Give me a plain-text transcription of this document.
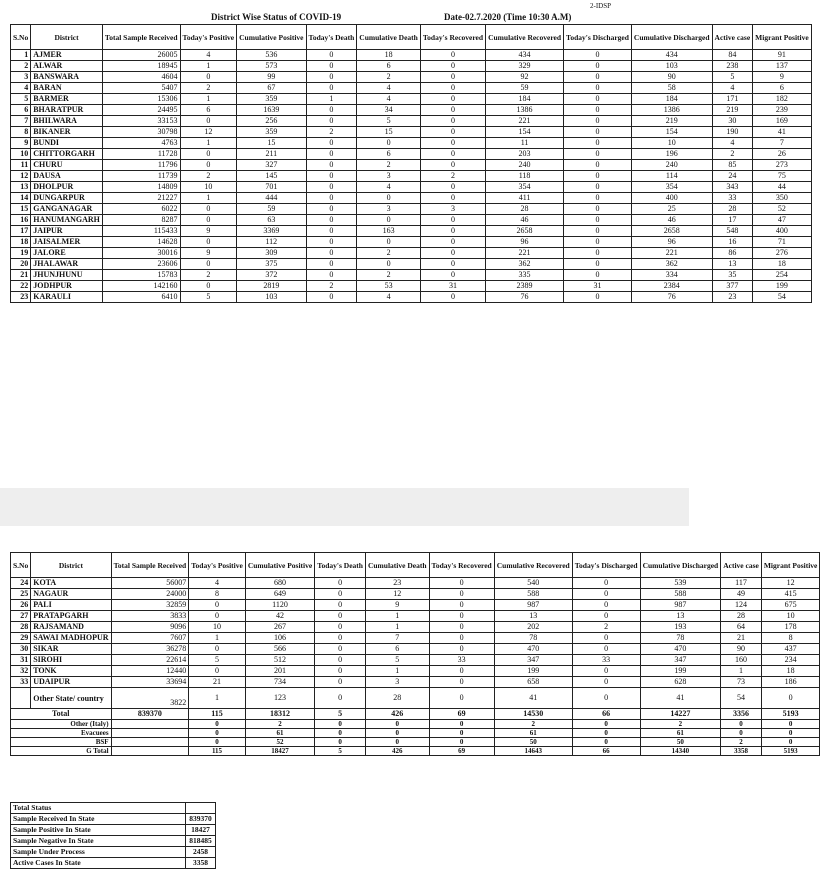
2-IDSP
District Wise Status of COVID-19	Date-02.7.2020 (Time 10:30 A.M)
S.No	District	Total Sample Received	Today's Positive	Cumulative Positive	Today's Death	Cumulative Death	Today's Recovered	Cumulative Recovered	Today's Discharged	Cumulative Discharged	Active case	Migrant Positive
1	AJMER	26005	4	536	0	18	0	434	0	434	84	91
2	ALWAR	18945	1	573	0	6	0	329	0	103	238	137
3	BANSWARA	4604	0	99	0	2	0	92	0	90	5	9
4	BARAN	5407	2	67	0	4	0	59	0	58	4	6
5	BARMER	15306	1	359	1	4	0	184	0	184	171	182
6	BHARATPUR	24495	6	1639	0	34	0	1386	0	1386	219	239
7	BHILWARA	33153	0	256	0	5	0	221	0	219	30	169
8	BIKANER	30798	12	359	2	15	0	154	0	154	190	41
9	BUNDI	4763	1	15	0	0	0	11	0	10	4	7
10	CHITTORGARH	11728	0	211	0	6	0	203	0	196	2	26
11	CHURU	11796	0	327	0	2	0	240	0	240	85	273
12	DAUSA	11739	2	145	0	3	2	118	0	114	24	75
13	DHOLPUR	14809	10	701	0	4	0	354	0	354	343	44
14	DUNGARPUR	21227	1	444	0	0	0	411	0	400	33	350
15	GANGANAGAR	6022	0	59	0	3	3	28	0	25	28	52
16	HANUMANGARH	8287	0	63	0	0	0	46	0	46	17	47
17	JAIPUR	115433	9	3369	0	163	0	2658	0	2658	548	400
18	JAISALMER	14628	0	112	0	0	0	96	0	96	16	71
19	JALORE	30016	9	309	0	2	0	221	0	221	86	276
20	JHALAWAR	23606	0	375	0	0	0	362	0	362	13	18
21	JHUNJHUNU	15783	2	372	0	2	0	335	0	334	35	254
22	JODHPUR	142160	0	2819	2	53	31	2389	31	2384	377	199
23	KARAULI	6410	5	103	0	4	0	76	0	76	23	54
S.No	District	Total Sample Received	Today's Positive	Cumulative Positive	Today's Death	Cumulative Death	Today's Recovered	Cumulative Recovered	Today's Discharged	Cumulative Discharged	Active case	Migrant Positive
24	KOTA	56007	4	680	0	23	0	540	0	539	117	12
25	NAGAUR	24000	8	649	0	12	0	588	0	588	49	415
26	PALI	32859	0	1120	0	9	0	987	0	987	124	675
27	PRATAPGARH	3833	0	42	0	1	0	13	0	13	28	10
28	RAJSAMAND	9096	10	267	0	1	0	202	2	193	64	178
29	SAWAI MADHOPUR	7607	1	106	0	7	0	78	0	78	21	8
30	SIKAR	36278	0	566	0	6	0	470	0	470	90	437
31	SIROHI	22614	5	512	0	5	33	347	33	347	160	234
32	TONK	12440	0	201	0	1	0	199	0	199	1	18
33	UDAIPUR	33694	21	734	0	3	0	658	0	628	73	186
	Other State/ country	3822	1	123	0	28	0	41	0	41	54	0
Total		839370	115	18312	5	426	69	14530	66	14227	3356	5193
Other (Italy)			0	2	0	0	0	2	0	2	0	0
Evacuees			0	61	0	0	0	61	0	61	0	0
BSF			0	52	0	0	0	50	0	50	2	0
G Total			115	18427	5	426	69	14643	66	14340	3358	5193
Total Status	
Sample Received In State	839370
Sample Positive In State	18427
Sample Negative In State	818485
Sample Under Process	2458
Active Cases In State	3358
